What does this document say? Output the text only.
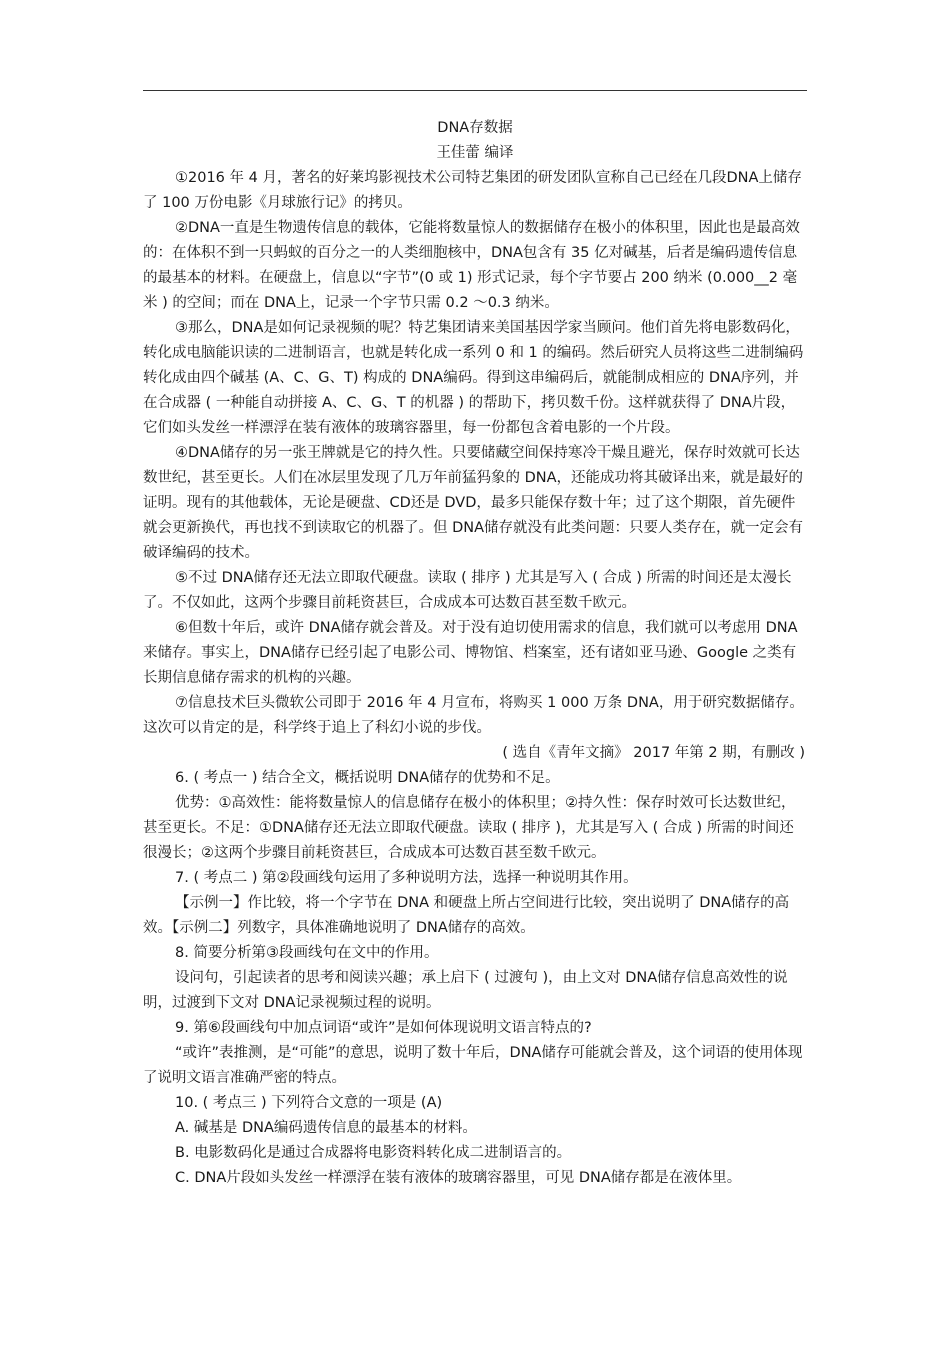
DNA存数据

王佳蕾 编译

①2016 年 4 月，著名的好莱坞影视技术公司特艺集团的研发团队宣称自己已经在几段DNA上储存了 100 万份电影《月球旅行记》的拷贝。

②DNA一直是生物遗传信息的载体，它能将数量惊人的数据储存在极小的体积里，因此也是最高效的：在体积不到一只蚂蚁的百分之一的人类细胞核中，DNA包含有 35 亿对碱基，后者是编码遗传信息的最基本的材料。在硬盘上，信息以“字节”(0 或 1) 形式记录，每个字节要占 200 纳米 (0.000__2 毫米 ) 的空间；而在 DNA上，记录一个字节只需 0.2 ～0.3 纳米。

③那么，DNA是如何记录视频的呢？特艺集团请来美国基因学家当顾问。他们首先将电影数码化，转化成电脑能识读的二进制语言，也就是转化成一系列 0 和 1 的编码。然后研究人员将这些二进制编码转化成由四个碱基 (A、C、G、T) 构成的 DNA编码。得到这串编码后，就能制成相应的 DNA序列，并在合成器 ( 一种能自动拼接 A、C、G、T 的机器 ) 的帮助下，拷贝数千份。这样就获得了 DNA片段，它们如头发丝一样漂浮在装有液体的玻璃容器里，每一份都包含着电影的一个片段。

④DNA储存的另一张王牌就是它的持久性。只要储藏空间保持寒冷干燥且避光，保存时效就可长达数世纪，甚至更长。人们在冰层里发现了几万年前猛犸象的 DNA，还能成功将其破译出来，就是最好的证明。现有的其他载体，无论是硬盘、CD还是 DVD，最多只能保存数十年；过了这个期限，首先硬件就会更新换代，再也找不到读取它的机器了。但 DNA储存就没有此类问题：只要人类存在，就一定会有破译编码的技术。

⑤不过 DNA储存还无法立即取代硬盘。读取 ( 排序 ) 尤其是写入 ( 合成 ) 所需的时间还是太漫长了。不仅如此，这两个步骤目前耗资甚巨，合成成本可达数百甚至数千欧元。

⑥但数十年后，或许 DNA储存就会普及。对于没有迫切使用需求的信息，我们就可以考虑用 DNA来储存。事实上，DNA储存已经引起了电影公司、博物馆、档案室，还有诸如亚马逊、Google 之类有长期信息储存需求的机构的兴趣。

⑦信息技术巨头微软公司即于 2016 年 4 月宣布，将购买 1 000 万条 DNA，用于研究数据储存。这次可以肯定的是，科学终于追上了科幻小说的步伐。

( 选自《青年文摘》 2017 年第 2 期，有删改 )

6. ( 考点一 ) 结合全文，概括说明 DNA储存的优势和不足。

优势：①高效性：能将数量惊人的信息储存在极小的体积里；②持久性：保存时效可长达数世纪，甚至更长。不足：①DNA储存还无法立即取代硬盘。读取 ( 排序 )，尤其是写入 ( 合成 ) 所需的时间还很漫长；②这两个步骤目前耗资甚巨，合成成本可达数百甚至数千欧元。

7. ( 考点二 ) 第②段画线句运用了多种说明方法，选择一种说明其作用。

【示例一】作比较，将一个字节在 DNA 和硬盘上所占空间进行比较，突出说明了 DNA储存的高效。【示例二】列数字，具体准确地说明了 DNA储存的高效。

8. 简要分析第③段画线句在文中的作用。

设问句，引起读者的思考和阅读兴趣；承上启下 ( 过渡句 )，由上文对 DNA储存信息高效性的说明，过渡到下文对 DNA记录视频过程的说明。

9. 第⑥段画线句中加点词语“或许”是如何体现说明文语言特点的?

“或许”表推测，是“可能”的意思，说明了数十年后，DNA储存可能就会普及，这个词语的使用体现了说明文语言准确严密的特点。

10. ( 考点三 ) 下列符合文意的一项是 (A)

A. 碱基是 DNA编码遗传信息的最基本的材料。

B. 电影数码化是通过合成器将电影资料转化成二进制语言的。

C. DNA片段如头发丝一样漂浮在装有液体的玻璃容器里，可见 DNA储存都是在液体里。
